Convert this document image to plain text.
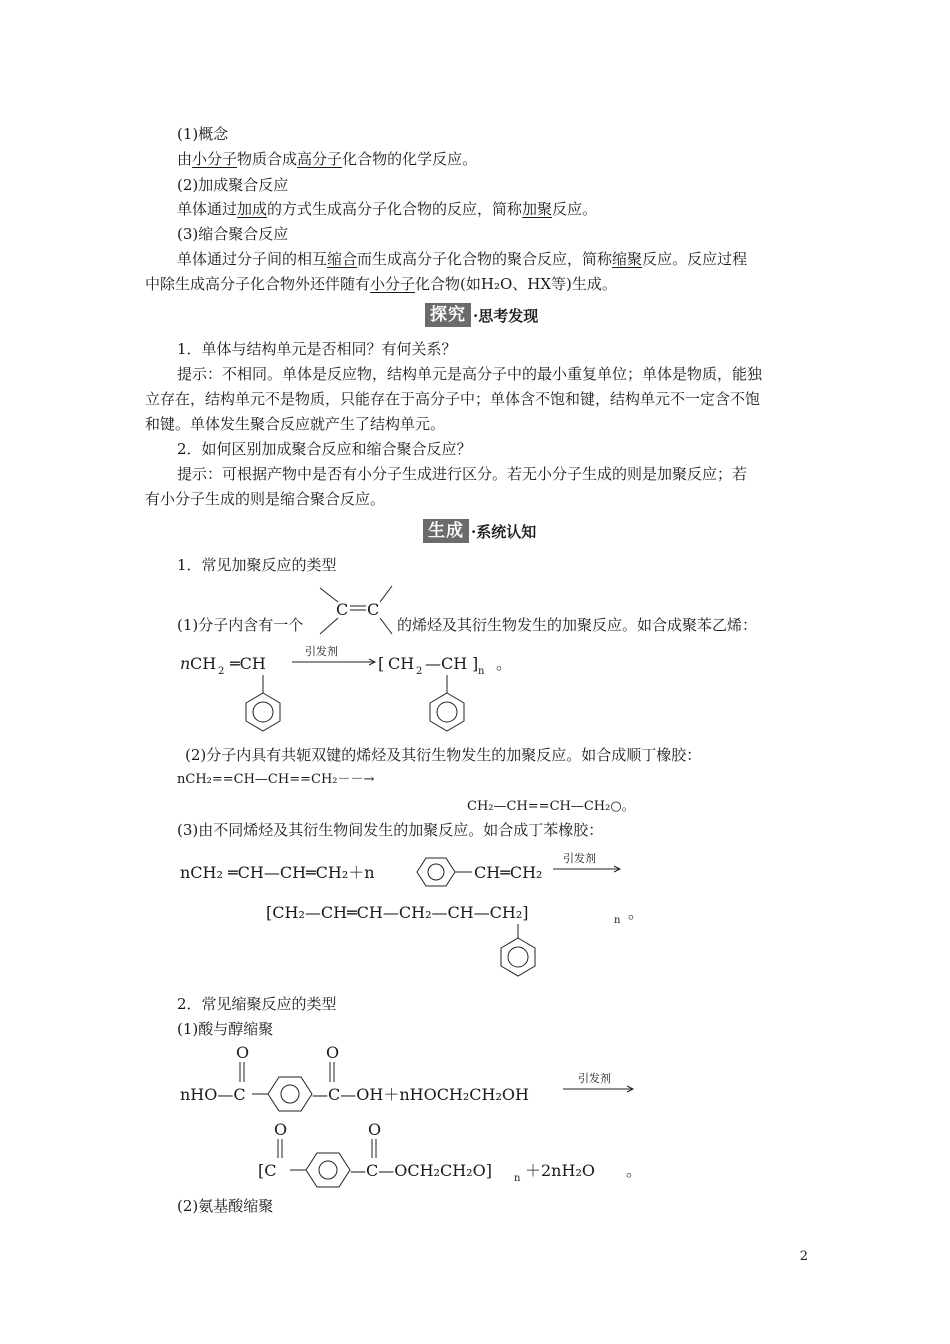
(1)概念
由小分子物质合成高分子化合物的化学反应。
(2)加成聚合反应
单体通过加成的方式生成高分子化合物的反应，简称加聚反应。
(3)缩合聚合反应
单体通过分子间的相互缩合而生成高分子化合物的聚合反应，简称缩聚反应。反应过程
中除生成高分子化合物外还伴随有小分子化合物(如H₂O、HX等)生成。
探究 ·思考发现
1．单体与结构单元是否相同？有何关系？
提示：不相同。单体是反应物，结构单元是高分子中的最小重复单位；单体是物质，能独
立存在，结构单元不是物质，只能存在于高分子中；单体含不饱和键，结构单元不一定含不饱
和键。单体发生聚合反应就产生了结构单元。
2．如何区别加成聚合反应和缩合聚合反应？
提示：可根据产物中是否有小分子生成进行区分。若无小分子生成的则是加聚反应；若
有小分子生成的则是缩合聚合反应。
生成 ·系统认知
1．常见加聚反应的类型
(1)分子内含有一个	的烯烃及其衍生物发生的加聚反应。如合成聚苯乙烯：
(2)分子内具有共轭双键的烯烃及其衍生物发生的加聚反应。如合成顺丁橡胶：
nCH₂==CH—CH==CH₂－－→
CH₂—CH==CH—CH₂○。
(3)由不同烯烃及其衍生物间发生的加聚反应。如合成丁苯橡胶：
2．常见缩聚反应的类型
(1)酸与醇缩聚
(2)氨基酸缩聚
C C
n CH 2 ═CH
引发剂
[ CH 2 —CH ] n 。
nCH₂ ═CH—CH═CH₂＋n	CH═CH₂
引发剂
[CH₂—CH═CH—CH₂—CH—CH₂]	n 。
O
nHO—C	—C—OH＋nHOCH₂CH₂OH
O
引发剂
O
[C	—C—OCH₂CH₂O]
O
n ＋2nH₂O 。
2
